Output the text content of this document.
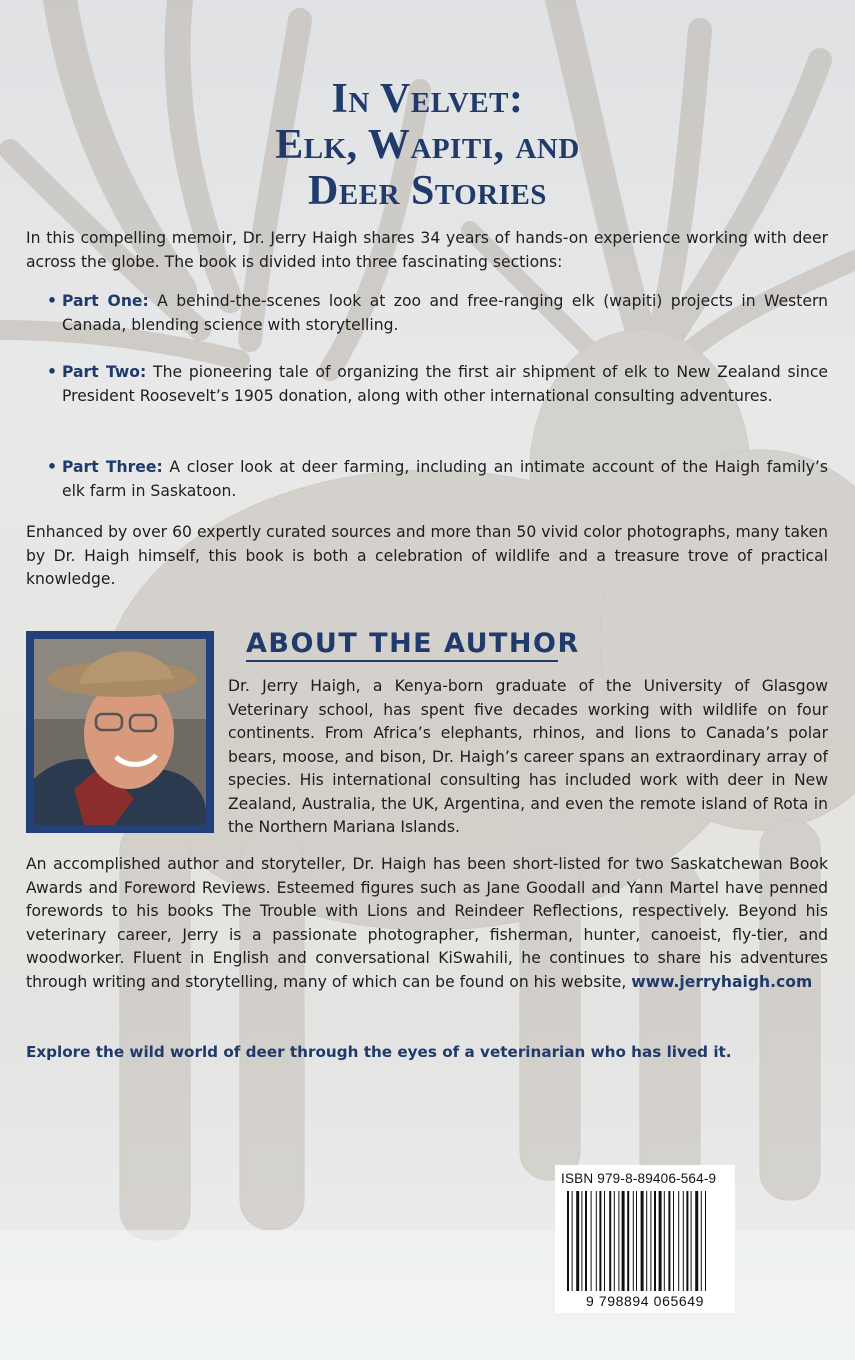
In Velvet:
Elk, Wapiti, and
Deer Stories
In this compelling memoir, Dr. Jerry Haigh shares 34 years of hands-on experience working with deer across the globe. The book is divided into three fascinating sections:
• Part One: A behind-the-scenes look at zoo and free-ranging elk (wapiti) projects in Western Canada, blending science with storytelling.
• Part Two: The pioneering tale of organizing the first air shipment of elk to New Zealand since President Roosevelt’s 1905 donation, along with other international consulting adventures.
• Part Three: A closer look at deer farming, including an intimate account of the Haigh family’s elk farm in Saskatoon.
Enhanced by over 60 expertly curated sources and more than 50 vivid color photographs, many taken by Dr. Haigh himself, this book is both a celebration of wildlife and a treasure trove of practical knowledge.
ABOUT THE AUTHOR
Dr. Jerry Haigh, a Kenya-born graduate of the University of Glasgow Veterinary school, has spent five decades working with wildlife on four continents. From Africa’s elephants, rhinos, and lions to Canada’s polar bears, moose, and bison, Dr. Haigh’s career spans an extraordinary array of species. His international consulting has included work with deer in New Zealand, Australia, the UK, Argentina, and even the remote island of Rota in the Northern Mariana Islands.
An accomplished author and storyteller, Dr. Haigh has been short-listed for two Saskatchewan Book Awards and Foreword Reviews. Esteemed figures such as Jane Goodall and Yann Martel have penned forewords to his books The Trouble with Lions and Reindeer Reflections, respectively. Beyond his veterinary career, Jerry is a passionate photographer, fisherman, hunter, canoeist, fly-tier, and woodworker. Fluent in English and conversational KiSwahili, he continues to share his adventures through writing and storytelling, many of which can be found on his website, www.jerryhaigh.com
Explore the wild world of deer through the eyes of a veterinarian who has lived it.
ISBN 979-8-89406-564-9
9 798894 065649
